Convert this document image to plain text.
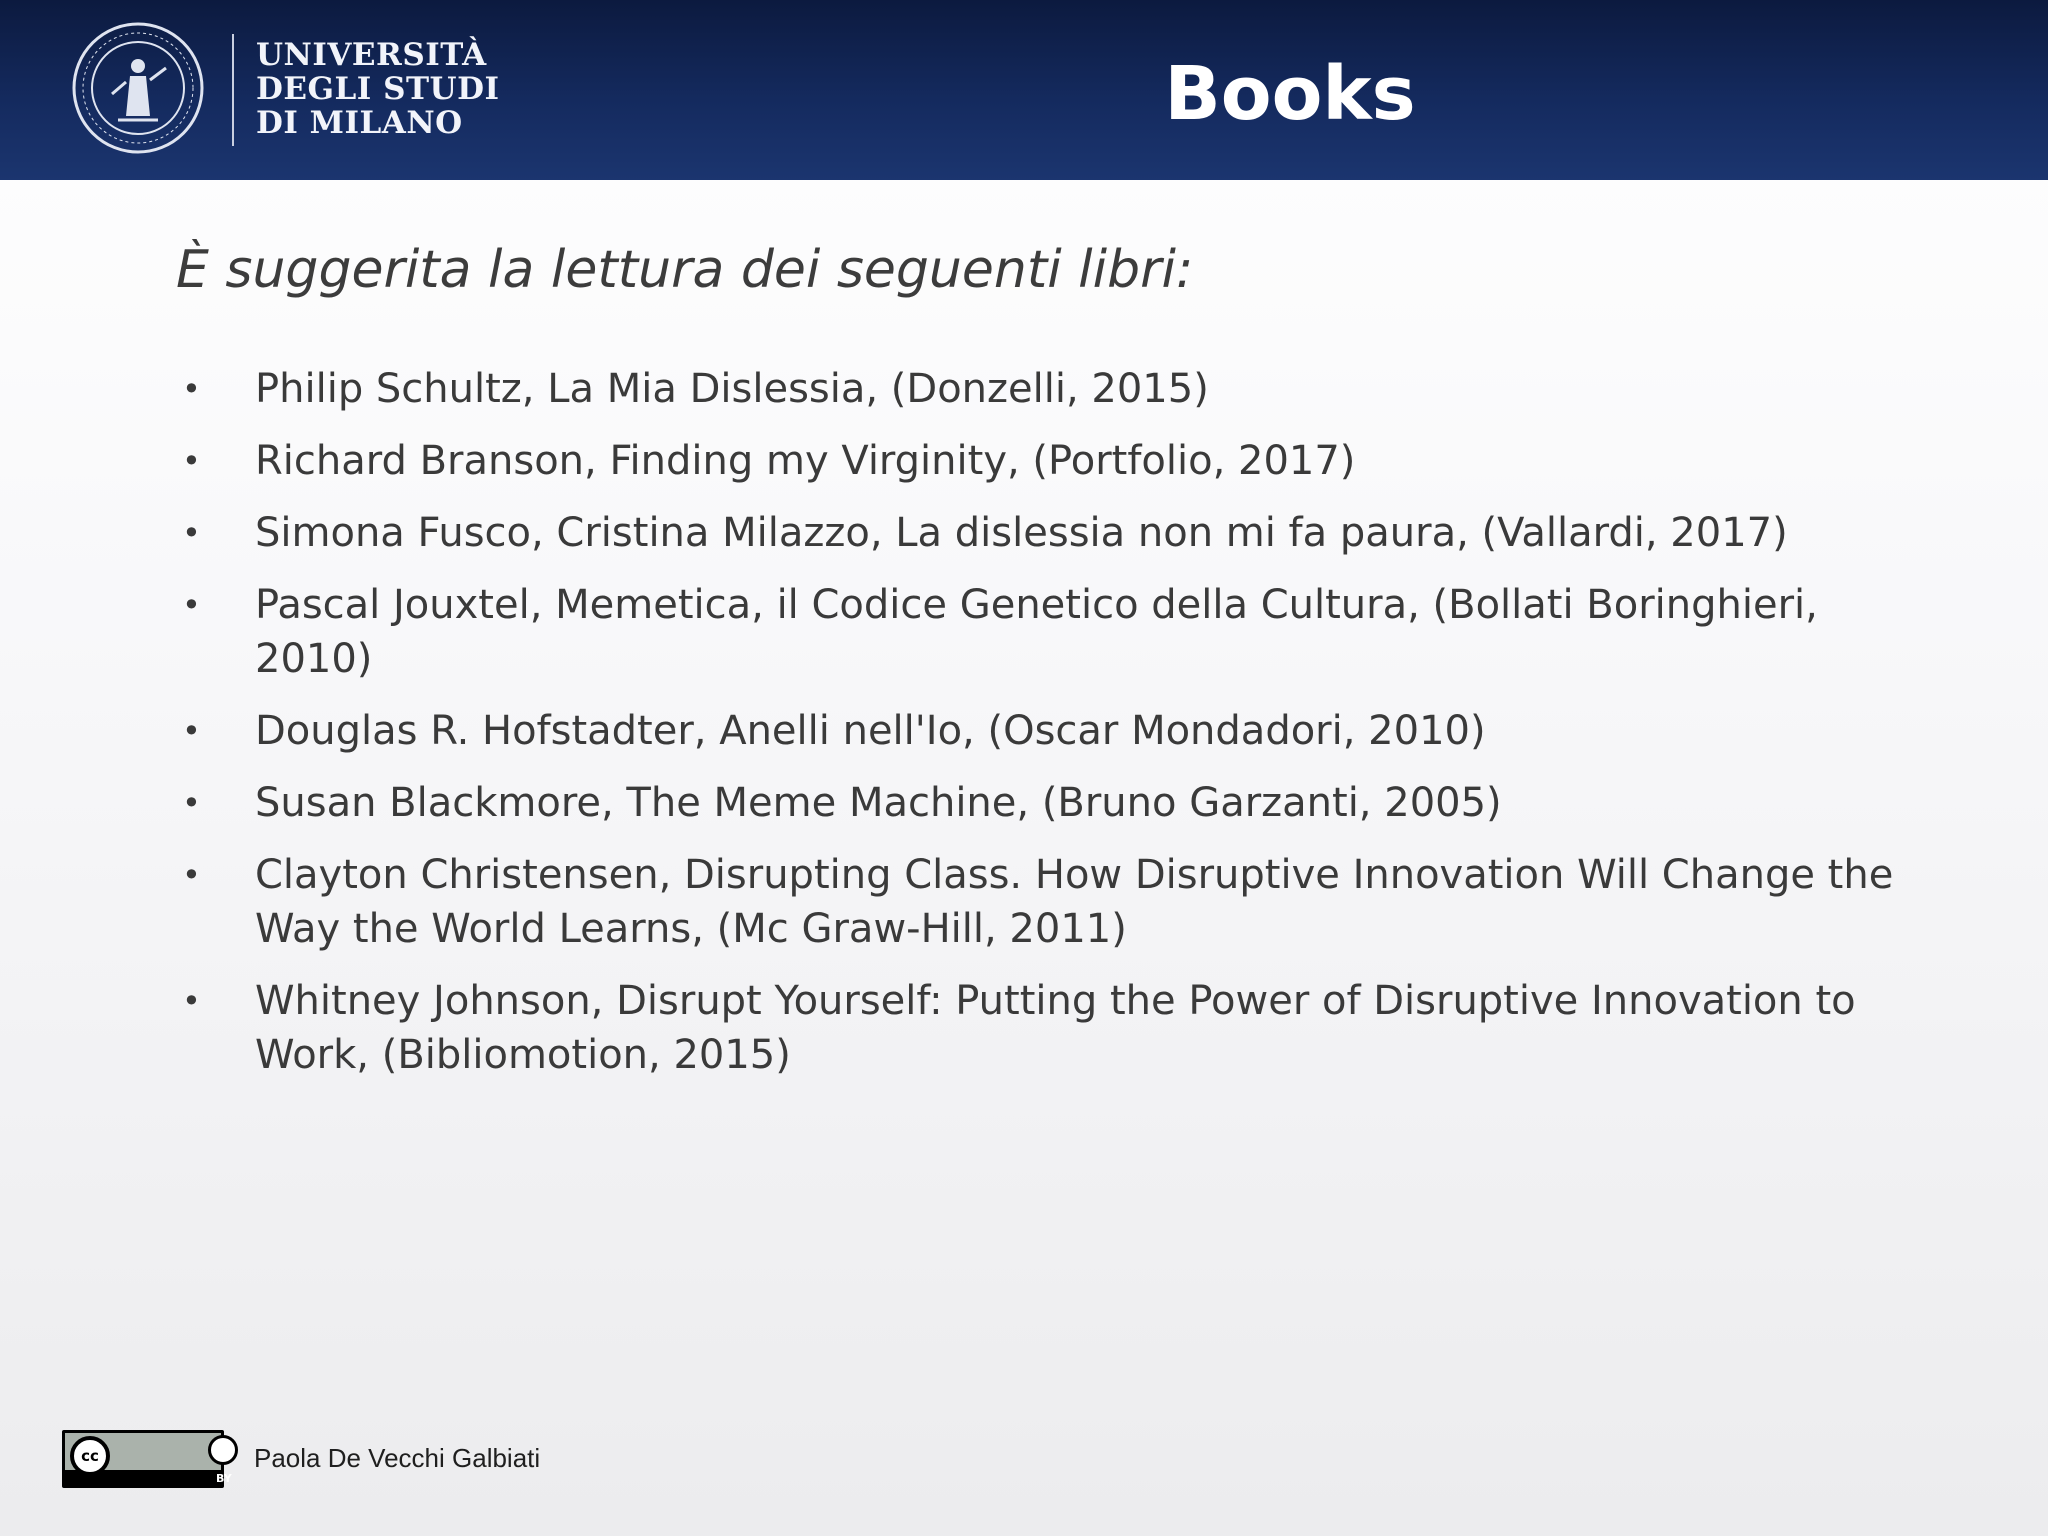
UNIVERSITÀ
DEGLI STUDI
DI MILANO	Books
È suggerita la lettura dei seguenti libri:
• Philip Schultz, La Mia Dislessia, (Donzelli, 2015)
• Richard Branson, Finding my Virginity, (Portfolio, 2017)
• Simona Fusco, Cristina Milazzo, La dislessia non mi fa paura, (Vallardi, 2017)
• Pascal Jouxtel, Memetica, il Codice Genetico della Cultura, (Bollati Boringhieri, 2010)
• Douglas R. Hofstadter, Anelli nell'Io, (Oscar Mondadori, 2010)
• Susan Blackmore, The Meme Machine, (Bruno Garzanti, 2005)
• Clayton Christensen, Disrupting Class. How Disruptive Innovation Will Change the Way the World Learns, (Mc Graw-Hill, 2011)
• Whitney Johnson, Disrupt Yourself: Putting the Power of Disruptive Innovation to Work, (Bibliomotion, 2015)
cc
BY
Paola De Vecchi Galbiati
